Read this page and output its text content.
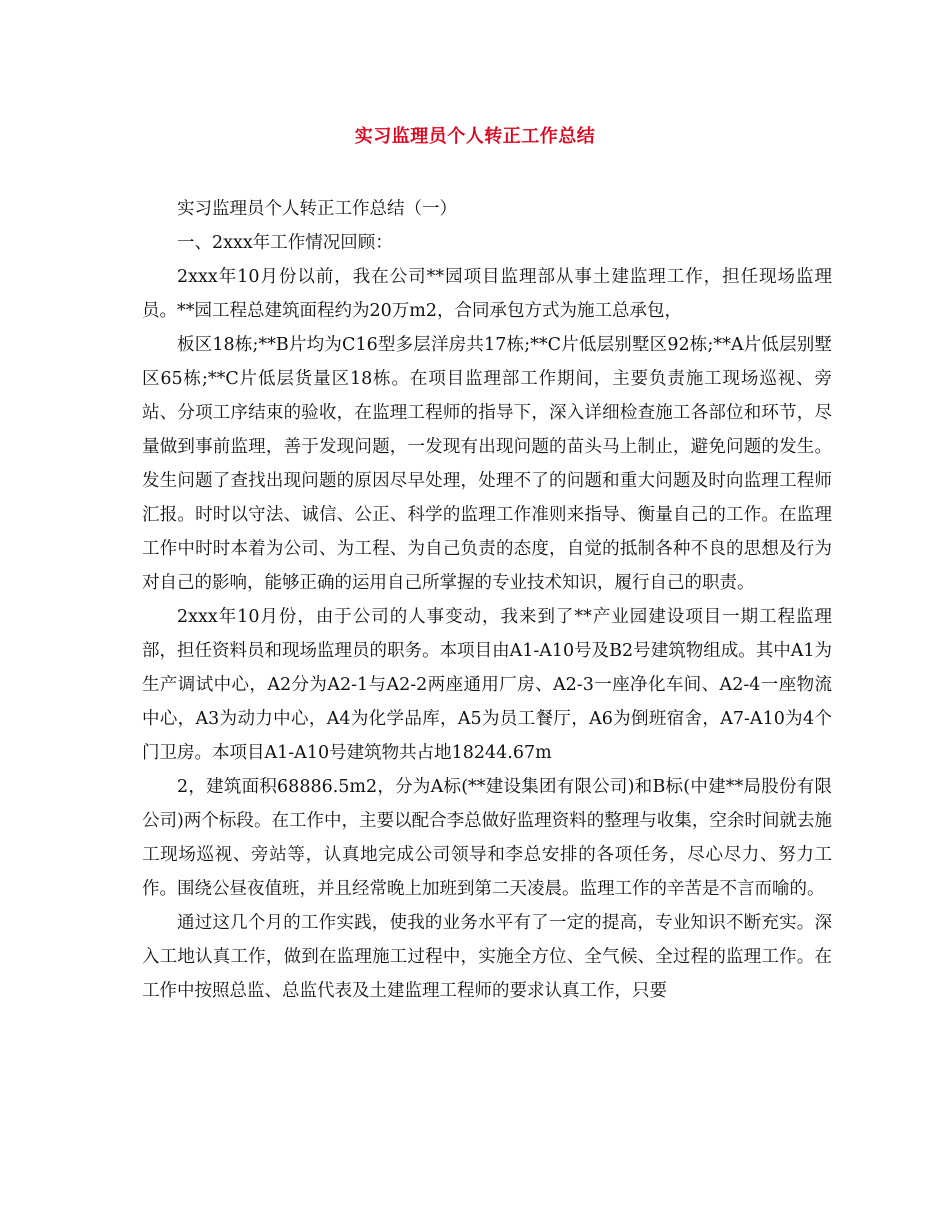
实习监理员个人转正工作总结

实习监理员个人转正工作总结（一）

一、2xxx年工作情况回顾：

2xxx年10月份以前，我在公司**园项目监理部从事土建监理工作，担任现场监理员。**园工程总建筑面程约为20万m2，合同承包方式为施工总承包，

板区18栋;**B片均为C16型多层洋房共17栋;**C片低层别墅区92栋;**A片低层别墅区65栋;**C片低层货量区18栋。在项目监理部工作期间，主要负责施工现场巡视、旁站、分项工序结束的验收，在监理工程师的指导下，深入详细检查施工各部位和环节，尽量做到事前监理，善于发现问题，一发现有出现问题的苗头马上制止，避免问题的发生。发生问题了查找出现问题的原因尽早处理，处理不了的问题和重大问题及时向监理工程师汇报。时时以守法、诚信、公正、科学的监理工作准则来指导、衡量自己的工作。在监理工作中时时本着为公司、为工程、为自己负责的态度，自觉的抵制各种不良的思想及行为对自己的影响，能够正确的运用自己所掌握的专业技术知识，履行自己的职责。

2xxx年10月份，由于公司的人事变动，我来到了**产业园建设项目一期工程监理部，担任资料员和现场监理员的职务。本项目由A1-A10号及B2号建筑物组成。其中A1为生产调试中心，A2分为A2-1与A2-2两座通用厂房、A2-3一座净化车间、A2-4一座物流中心，A3为动力中心，A4为化学品库，A5为员工餐厅，A6为倒班宿舍，A7-A10为4个门卫房。本项目A1-A10号建筑物共占地18244.67m

2，建筑面积68886.5m2，分为A标(**建设集团有限公司)和B标(中建**局股份有限公司)两个标段。在工作中，主要以配合李总做好监理资料的整理与收集，空余时间就去施工现场巡视、旁站等，认真地完成公司领导和李总安排的各项任务，尽心尽力、努力工作。围绕公昼夜值班，并且经常晚上加班到第二天凌晨。监理工作的辛苦是不言而喻的。

通过这几个月的工作实践，使我的业务水平有了一定的提高，专业知识不断充实。深入工地认真工作，做到在监理施工过程中，实施全方位、全气候、全过程的监理工作。在工作中按照总监、总监代表及土建监理工程师的要求认真工作，只要
